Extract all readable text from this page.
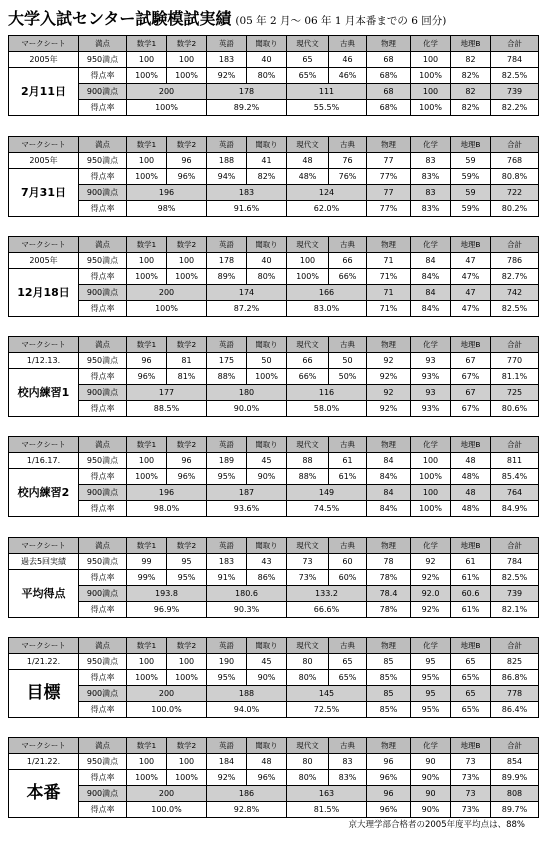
大学入試センター試験模試実績 (05 年 2 月～ 06 年 1 月本番までの 6 回分)
マークシート	満点	数学1	数学2	英語	聞取り	現代文	古典	物理	化学	地理B	合計
2005年	950満点	100	100	183	40	65	46	68	100	82	784
2月11日	得点率	100%	100%	92%	80%	65%	46%	68%	100%	82%	82.5%
	900満点	200		178		111		68	100	82	739
	得点率	100%		89.2%		55.5%		68%	100%	82%	82.2%
マークシート	満点	数学1	数学2	英語	聞取り	現代文	古典	物理	化学	地理B	合計
2005年	950満点	100	96	188	41	48	76	77	83	59	768
7月31日	得点率	100%	96%	94%	82%	48%	76%	77%	83%	59%	80.8%
	900満点	196		183		124		77	83	59	722
	得点率	98%		91.6%		62.0%		77%	83%	59%	80.2%
マークシート	満点	数学1	数学2	英語	聞取り	現代文	古典	物理	化学	地理B	合計
2005年	950満点	100	100	178	40	100	66	71	84	47	786
12月18日	得点率	100%	100%	89%	80%	100%	66%	71%	84%	47%	82.7%
	900満点	200		174		166		71	84	47	742
	得点率	100%		87.2%		83.0%		71%	84%	47%	82.5%
マークシート	満点	数学1	数学2	英語	聞取り	現代文	古典	物理	化学	地理B	合計
1/12.13.	950満点	96	81	175	50	66	50	92	93	67	770
校内練習1	得点率	96%	81%	88%	100%	66%	50%	92%	93%	67%	81.1%
	900満点	177		180		116		92	93	67	725
	得点率	88.5%		90.0%		58.0%		92%	93%	67%	80.6%
マークシート	満点	数学1	数学2	英語	聞取り	現代文	古典	物理	化学	地理B	合計
1/16.17.	950満点	100	96	189	45	88	61	84	100	48	811
校内練習2	得点率	100%	96%	95%	90%	88%	61%	84%	100%	48%	85.4%
	900満点	196		187		149		84	100	48	764
	得点率	98.0%		93.6%		74.5%		84%	100%	48%	84.9%
マークシート	満点	数学1	数学2	英語	聞取り	現代文	古典	物理	化学	地理B	合計
過去5回実績	950満点	99	95	183	43	73	60	78	92	61	784
平均得点	得点率	99%	95%	91%	86%	73%	60%	78%	92%	61%	82.5%
	900満点	193.8		180.6		133.2		78.4	92.0	60.6	739
	得点率	96.9%		90.3%		66.6%		78%	92%	61%	82.1%
マークシート	満点	数学1	数学2	英語	聞取り	現代文	古典	物理	化学	地理B	合計
1/21.22.	950満点	100	100	190	45	80	65	85	95	65	825
目標	得点率	100%	100%	95%	90%	80%	65%	85%	95%	65%	86.8%
	900満点	200		188		145		85	95	65	778
	得点率	100.0%		94.0%		72.5%		85%	95%	65%	86.4%
マークシート	満点	数学1	数学2	英語	聞取り	現代文	古典	物理	化学	地理B	合計
1/21.22.	950満点	100	100	184	48	80	83	96	90	73	854
本番	得点率	100%	100%	92%	96%	80%	83%	96%	90%	73%	89.9%
	900満点	200		186		163		96	90	73	808
	得点率	100.0%		92.8%		81.5%		96%	90%	73%	89.7%
京大理学部合格者の2005年度平均点は、88%
